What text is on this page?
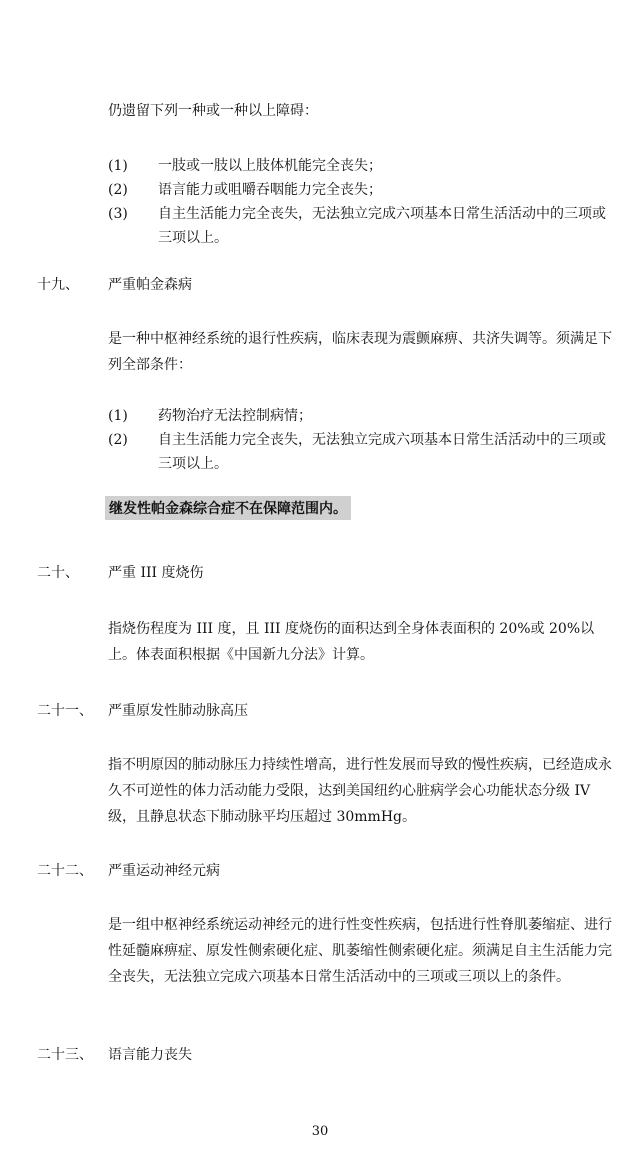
仍遗留下列一种或一种以上障碍：
(1) 一肢或一肢以上肢体机能完全丧失；
(2) 语言能力或咀嚼吞咽能力完全丧失；
(3) 自主生活能力完全丧失，无法独立完成六项基本日常生活活动中的三项或三项以上。
十九、 严重帕金森病
是一种中枢神经系统的退行性疾病，临床表现为震颤麻痹、共济失调等。须满足下列全部条件：
(1) 药物治疗无法控制病情；
(2) 自主生活能力完全丧失，无法独立完成六项基本日常生活活动中的三项或三项以上。
继发性帕金森综合症不在保障范围内。
二十、 严重 III 度烧伤
指烧伤程度为 III 度，且 III 度烧伤的面积达到全身体表面积的 20%或 20%以上。体表面积根据《中国新九分法》计算。
二十一、 严重原发性肺动脉高压
指不明原因的肺动脉压力持续性增高，进行性发展而导致的慢性疾病，已经造成永久不可逆性的体力活动能力受限，达到美国纽约心脏病学会心功能状态分级 IV 级，且静息状态下肺动脉平均压超过 30mmHg。
二十二、 严重运动神经元病
是一组中枢神经系统运动神经元的进行性变性疾病，包括进行性脊肌萎缩症、进行性延髓麻痹症、原发性侧索硬化症、肌萎缩性侧索硬化症。须满足自主生活能力完全丧失，无法独立完成六项基本日常生活活动中的三项或三项以上的条件。
二十三、 语言能力丧失
30
